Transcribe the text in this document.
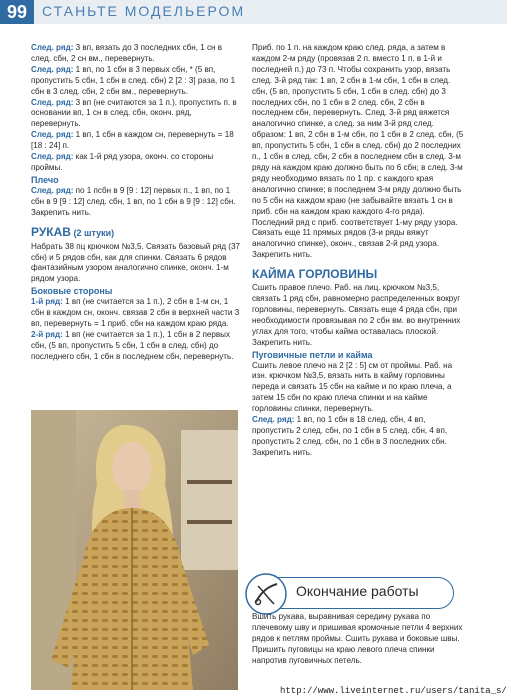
99	СТАНЬТЕ МОДЕЛЬЕРОМ

След. ряд: 3 вп, вязать до 3 последних сбн, 1 сн в след. сбн, 2 сн вм., перевернуть.

След. ряд: 1 вп, по 1 сбн в 3 первых сбн, * (5 вп, пропустить 5 сбн, 1 сбн в след. сбн) 2 [2 : 3] раза, по 1 сбн в 3 след. сбн, 2 сбн вм., перевернуть.

След. ряд: 3 вп (не считаются за 1 п.), пропустить п. в основании вп, 1 сн в след. сбн, оконч. ряд, перевернуть.

След. ряд: 1 вп, 1 сбн в каждом сн, перевернуть = 18 [18 : 24] п.

След. ряд: как 1-й ряд узора, оконч. со стороны проймы.

Плечо

След. ряд: по 1 псбн в 9 [9 : 12] первых п., 1 вп, по 1 сбн в 9 [9 : 12] след. сбн, 1 вп, по 1 сбн в 9 [9 : 12] сбн. Закрепить нить.

РУКАВ (2 штуки)

Набрать 38 пц крючком №3,5. Связать базовый ряд (37 сбн) и 5 рядов сбн, как для спинки. Связать 6 рядов фантазийным узором аналогично спинке, оконч. 1-м рядом узора.

Боковые стороны

1-й ряд: 1 вп (не считается за 1 п.), 2 сбн в 1-м сн, 1 сбн в каждом сн, оконч. связав 2 сбн в верхней части 3 вп, перевернуть = 1 приб. сбн на каждом краю ряда.

2-й ряд: 1 вп (не считается за 1 п.), 1 сбн в 2 первых сбн, (5 вп, пропустить 5 сбн, 1 сбн в след. сбн) до последнего сбн, 1 сбн в последнем сбн, перевернуть.

Приб. по 1 п. на каждом краю след. ряда, а затем в каждом 2-м ряду (провязав 2 п. вместо 1 п. в 1-й и последней п.) до 73 п. Чтобы сохранить узор, вязать след. 3-й ряд так: 1 вп, 2 сбн в 1-м сбн, 1 сбн в след. сбн, (5 вп, пропустить 5 сбн, 1 сбн в след. сбн) до 3 последних сбн, по 1 сбн в 2 след. сбн, 2 сбн в последнем сбн, перевернуть. След. 3-й ряд вяжется аналогично спинке, а след. за ним 3-й ряд след. образом: 1 вп, 2 сбн в 1-м сбн, по 1 сбн в 2 след. сбн, (5 вп, пропустить 5 сбн, 1 сбн в след. сбн) до 2 последних п., 1 сбн в след. сбн, 2 сбн в последнем сбн в след. 3-м ряду на каждом краю должно быть по 6 сбн; в след. 3-м ряду необходимо вязать по 1 пр. с каждого края аналогично спинке; в последнем 3-м ряду должно быть по 5 сбн на каждом краю (не забывайте вязать 1 сн в приб. сбн на каждом краю каждого 4-го ряда).

Последний ряд с приб. соответствует 1-му ряду узора. Связать еще 11 прямых рядов (3-и ряды вяжут аналогично спинке), оконч., связав 2-й ряд узора.

Закрепить нить.

КАЙМА ГОРЛОВИНЫ

Сшить правое плечо. Раб. на лиц. крючком №3,5, связать 1 ряд сбн, равномерно распределенных вокруг горловины, перевернуть. Связать еще 4 ряда сбн, при необходимости провязывая по 2 сбн вм. во внутренних углах для того, чтобы кайма оставалась плоской. Закрепить нить.

Пуговичные петли и кайма

Сшить левое плечо на 2 [2 : 5] см от проймы. Раб. на изн. крючком №3,5, вязать нить в кайму горловины переда и связать 15 сбн на кайме и по краю плеча, а затем 15 сбн по краю плеча спинки и на кайме горловины спинки, перевернуть.

След. ряд: 1 вп, по 1 сбн в 18 след. сбн, 4 вп, пропустить 2 след. сбн, по 1 сбн в 5 след. сбн, 4 вп, пропустить 2 след. сбн, по 1 сбн в 3 последних сбн. Закрепить нить.

Окончание работы
Вшить рукава, выравнивая середину рукава по плечевому шву и пришивая кромочные петли 4 верхних рядов к петлям проймы. Сшить рукава и боковые швы. Пришить пуговицы на краю левого плеча спинки напротив пуговичных петель.
http://www.liveinternet.ru/users/tanita_s/
